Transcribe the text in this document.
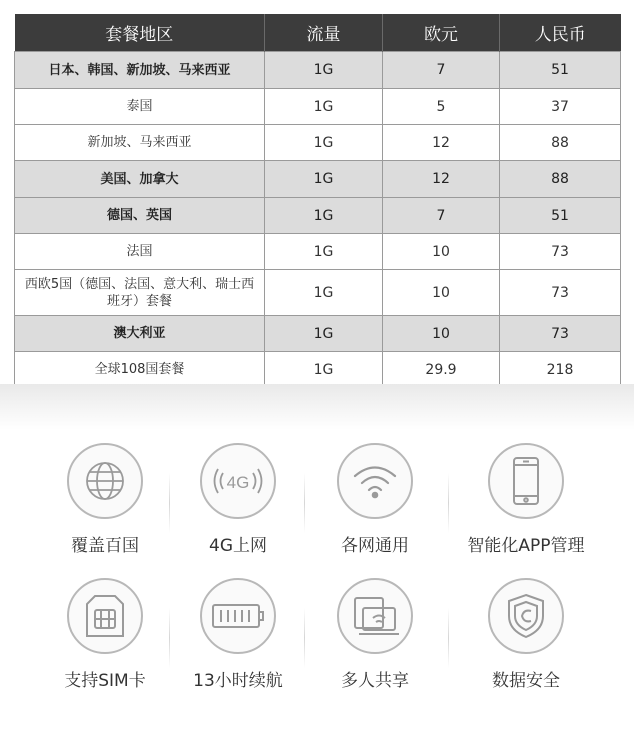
套餐地区	流量	欧元	人民币
日本、韩国、新加坡、马来西亚	1G	7	51
泰国	1G	5	37
新加坡、马来西亚	1G	12	88
美国、加拿大	1G	12	88
德国、英国	1G	7	51
法国	1G	10	73
西欧5国（德国、法国、意大利、瑞士西班牙）套餐	1G	10	73
澳大利亚	1G	10	73
全球108国套餐	1G	29.9	218
覆盖百国
4G
4G上网	各网通用	智能化APP管理
支持SIM卡	13小时续航	多人共享	数据安全
